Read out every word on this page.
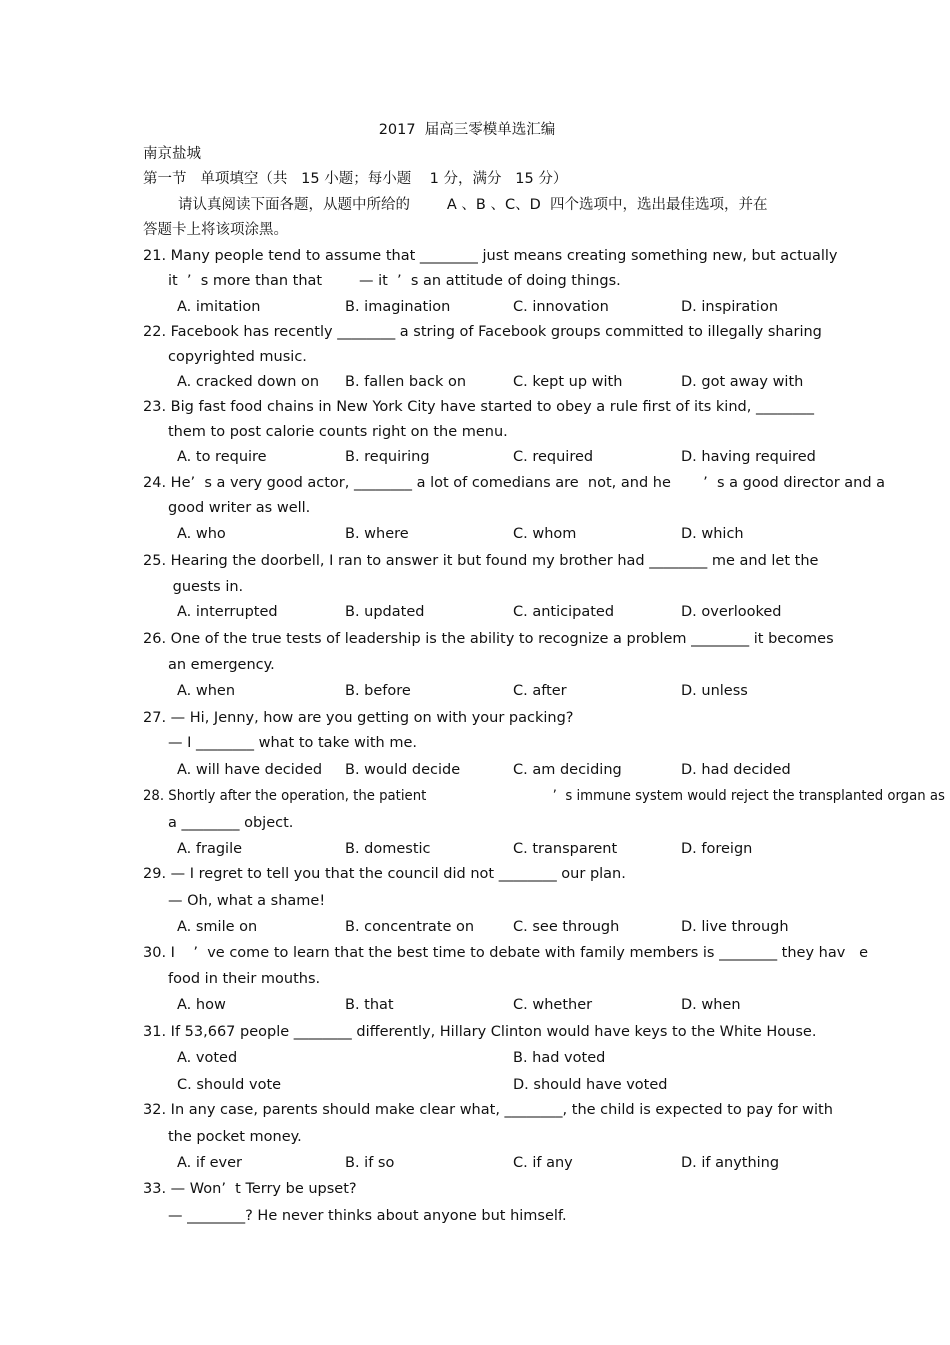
2017  届高三零模单选汇编
南京盐城
第一节   单项填空（共   15 小题；每小题    1 分，满分   15 分）
请认真阅读下面各题，从题中所给的        A 、B 、C、D  四个选项中，选出最佳选项，并在
答题卡上将该项涂黑。
21. Many people tend to assume that ________ just means creating something new, but actually
it  ’  s more than that        — it  ’  s an attitude of doing things.
A. imitation	B. imagination	C. innovation	D. inspiration
22. Facebook has recently ________ a string of Facebook groups committed to illegally sharing
copyrighted music.
A. cracked down on B. fallen back on	C. kept up with	D. got away with
23. Big fast food chains in New York City have started to obey a rule first of its kind, ________
them to post calorie counts right on the menu.
A. to require	B. requiring	C. required	D. having required
24. He’  s a very good actor, ________ a lot of comedians are  not, and he       ’  s a good director and a
good writer as well.
A. who	B. where	C. whom	D. which
25. Hearing the doorbell, I ran to answer it but found my brother had ________ me and let the
guests in.
A. interrupted	B. updated	C. anticipated	D. overlooked
26. One of the true tests of leadership is the ability to recognize a problem ________ it becomes
an emergency.
A. when	B. before	C. after	D. unless
27. — Hi, Jenny, how are you getting on with your packing?
— I ________ what to take with me.
A. will have decided B. would decide	C. am deciding	D. had decided
28. Shortly after the operation, the patient                              ’  s immune system would reject the transplanted organ as
a ________ object.
A. fragile	B. domestic	C. transparent	D. foreign
29. — I regret to tell you that the council did not ________ our plan.
— Oh, what a shame!
A. smile on	B. concentrate on	C. see through	D. live through
30. I    ’  ve come to learn that the best time to debate with family members is ________ they hav   e
food in their mouths.
A. how	B. that	C. whether	D. when
31. If 53,667 people ________ differently, Hillary Clinton would have keys to the White House.
A. voted	B. had voted
C. should vote	D. should have voted
32. In any case, parents should make clear what, ________, the child is expected to pay for with
the pocket money.
A. if ever	B. if so	C. if any	D. if anything
33. — Won’  t Terry be upset?
— ________? He never thinks about anyone but himself.
